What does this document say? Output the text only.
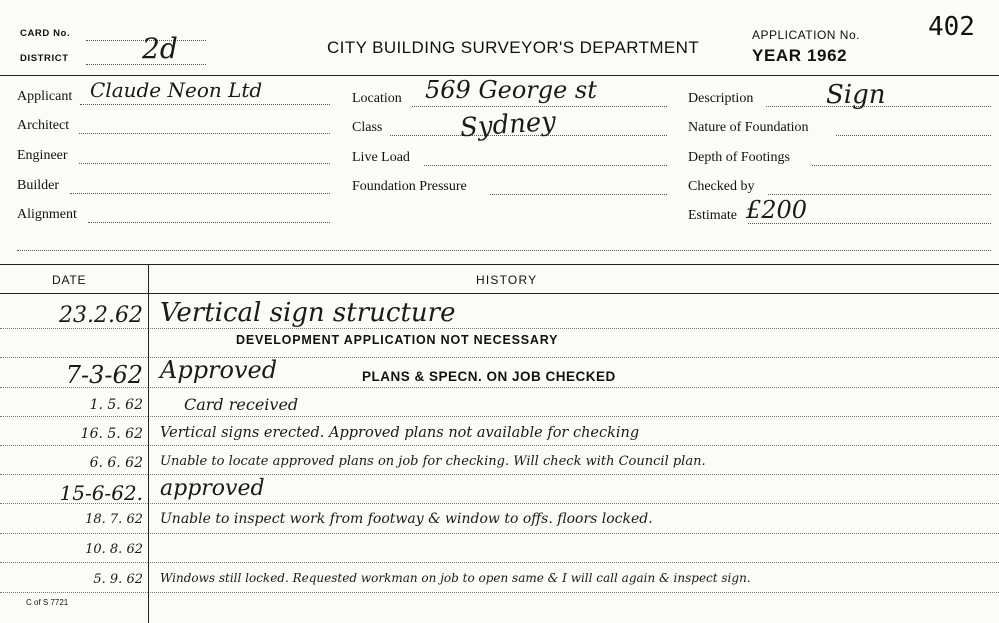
CARD No.
DISTRICT	2d	CITY BUILDING SURVEYOR'S DEPARTMENT
APPLICATION No.
YEAR 1962
402
Applicant Claude Neon Ltd
Architect
Engineer
Builder
Alignment
Location 569 George st
Class	Sydney
Live Load
Foundation Pressure
Description	Sign
Nature of Foundation
Depth of Footings
Checked by
Estimate £200
DATE	HISTORY
23.2.62 Vertical sign structure
DEVELOPMENT APPLICATION NOT NECESSARY
7-3-62 Approved	PLANS & SPECN. ON JOB CHECKED
1. 5. 62	Card received
16. 5. 62 Vertical signs erected. Approved plans not available for checking
6. 6. 62 Unable to locate approved plans on job for checking. Will check with Council plan.
15-6-62. approved
18. 7. 62 Unable to inspect work from footway & window to offs. floors locked.
10. 8. 62
5. 9. 62 Windows still locked. Requested workman on job to open same & I will call again & inspect sign.
C of S 7721
